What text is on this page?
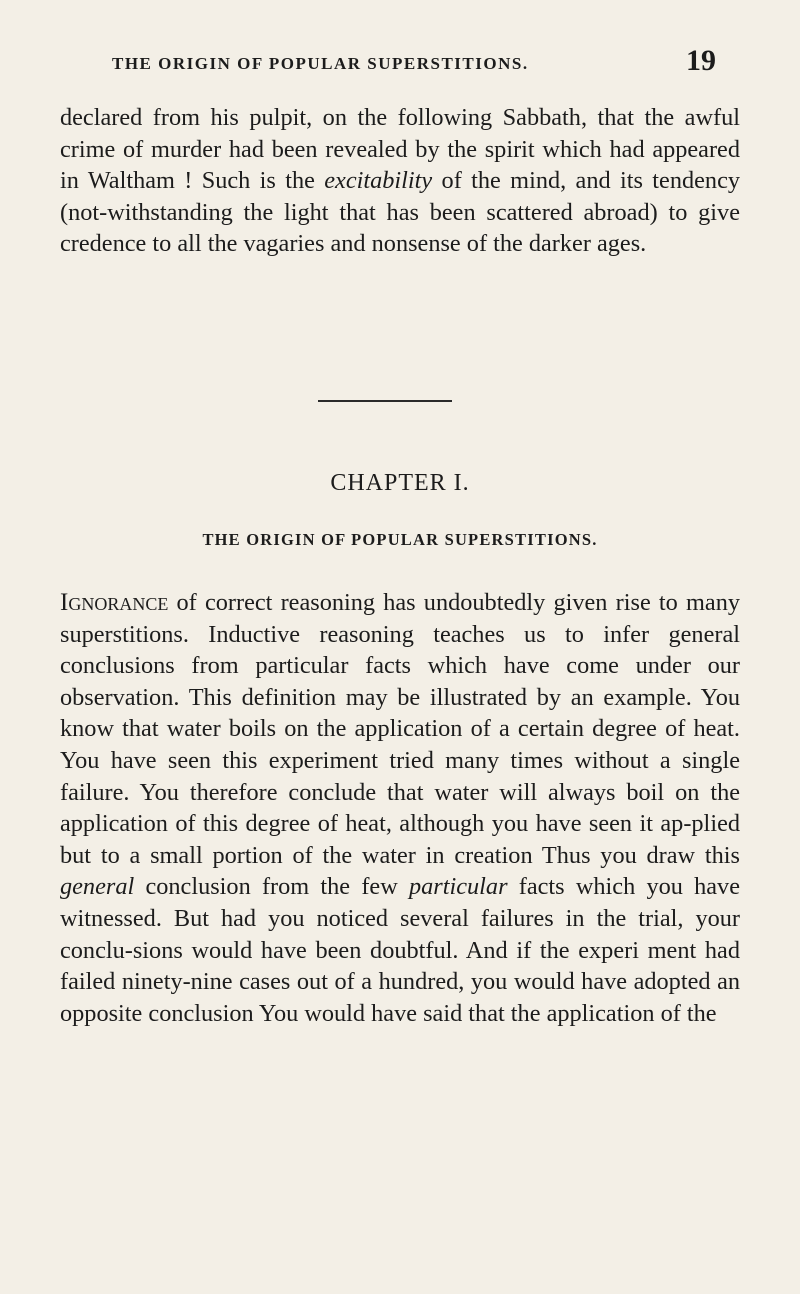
THE ORIGIN OF POPULAR SUPERSTITIONS.	19

declared from his pulpit, on the following Sabbath, that the awful crime of murder had been revealed by the spirit which had appeared in Waltham ! Such is the excitability of the mind, and its tendency (not-withstanding the light that has been scattered abroad) to give credence to all the vagaries and nonsense of the darker ages.

CHAPTER I.
THE ORIGIN OF POPULAR SUPERSTITIONS.

Ignorance of correct reasoning has undoubtedly given rise to many superstitions. Inductive reasoning teaches us to infer general conclusions from particular facts which have come under our observation. This definition may be illustrated by an example. You know that water boils on the application of a certain degree of heat. You have seen this experiment tried many times without a single failure. You therefore conclude that water will always boil on the application of this degree of heat, although you have seen it ap-plied but to a small portion of the water in creation Thus you draw this general conclusion from the few particular facts which you have witnessed. But had you noticed several failures in the trial, your conclu-sions would have been doubtful. And if the experi ment had failed ninety-nine cases out of a hundred, you would have adopted an opposite conclusion You would have said that the application of the
